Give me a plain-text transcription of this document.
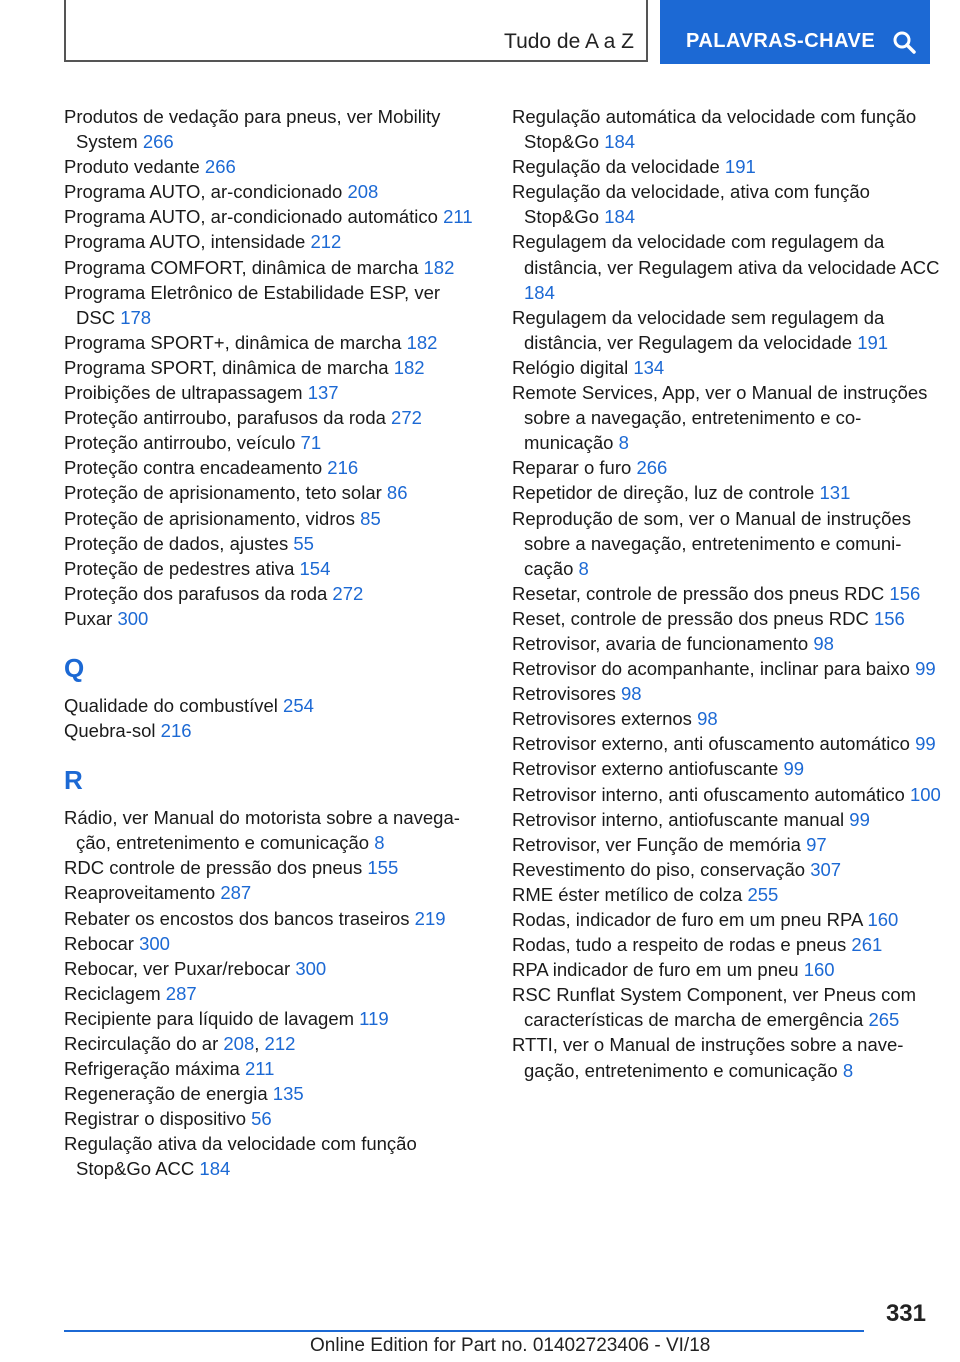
Tudo de A a Z	PALAVRAS-CHAVE
Produtos de vedação para pneus, ver Mobility System 266
Produto vedante 266
Programa AUTO, ar-condicionado 208
Programa AUTO, ar-condicionado automático 211
Programa AUTO, intensidade 212
Programa COMFORT, dinâmica de marcha 182
Programa Eletrônico de Estabilidade ESP, ver DSC 178
Programa SPORT+, dinâmica de marcha 182
Programa SPORT, dinâmica de marcha 182
Proibições de ultrapassagem 137
Proteção antirroubo, parafusos da roda 272
Proteção antirroubo, veículo 71
Proteção contra encadeamento 216
Proteção de aprisionamento, teto solar 86
Proteção de aprisionamento, vidros 85
Proteção de dados, ajustes 55
Proteção de pedestres ativa 154
Proteção dos parafusos da roda 272
Puxar 300
Q
Qualidade do combustível 254
Quebra-sol 216
R
Rádio, ver Manual do motorista sobre a navegação, entretenimento e comunicação 8
RDC controle de pressão dos pneus 155
Reaproveitamento 287
Rebater os encostos dos bancos traseiros 219
Rebocar 300
Rebocar, ver Puxar/rebocar 300
Reciclagem 287
Recipiente para líquido de lavagem 119
Recirculação do ar 208, 212
Refrigeração máxima 211
Regeneração de energia 135
Registrar o dispositivo 56
Regulação ativa da velocidade com função Stop&Go ACC 184
Regulação automática da velocidade com função Stop&Go 184
Regulação da velocidade 191
Regulação da velocidade, ativa com função Stop&Go 184
Regulagem da velocidade com regulagem da distância, ver Regulagem ativa da velocidade ACC 184
Regulagem da velocidade sem regulagem da distância, ver Regulagem da velocidade 191
Relógio digital 134
Remote Services, App, ver o Manual de instruções sobre a navegação, entretenimento e comunicação 8
Reparar o furo 266
Repetidor de direção, luz de controle 131
Reprodução de som, ver o Manual de instruções sobre a navegação, entretenimento e comunicação 8
Resetar, controle de pressão dos pneus RDC 156
Reset, controle de pressão dos pneus RDC 156
Retrovisor, avaria de funcionamento 98
Retrovisor do acompanhante, inclinar para baixo 99
Retrovisores 98
Retrovisores externos 98
Retrovisor externo, anti ofuscamento automático 99
Retrovisor externo antiofuscante 99
Retrovisor interno, anti ofuscamento automático 100
Retrovisor interno, antiofuscante manual 99
Retrovisor, ver Função de memória 97
Revestimento do piso, conservação 307
RME éster metílico de colza 255
Rodas, indicador de furo em um pneu RPA 160
Rodas, tudo a respeito de rodas e pneus 261
RPA indicador de furo em um pneu 160
RSC Runflat System Component, ver Pneus com características de marcha de emergência 265
RTTI, ver o Manual de instruções sobre a navegação, entretenimento e comunicação 8
331
Online Edition for Part no. 01402723406 - VI/18
